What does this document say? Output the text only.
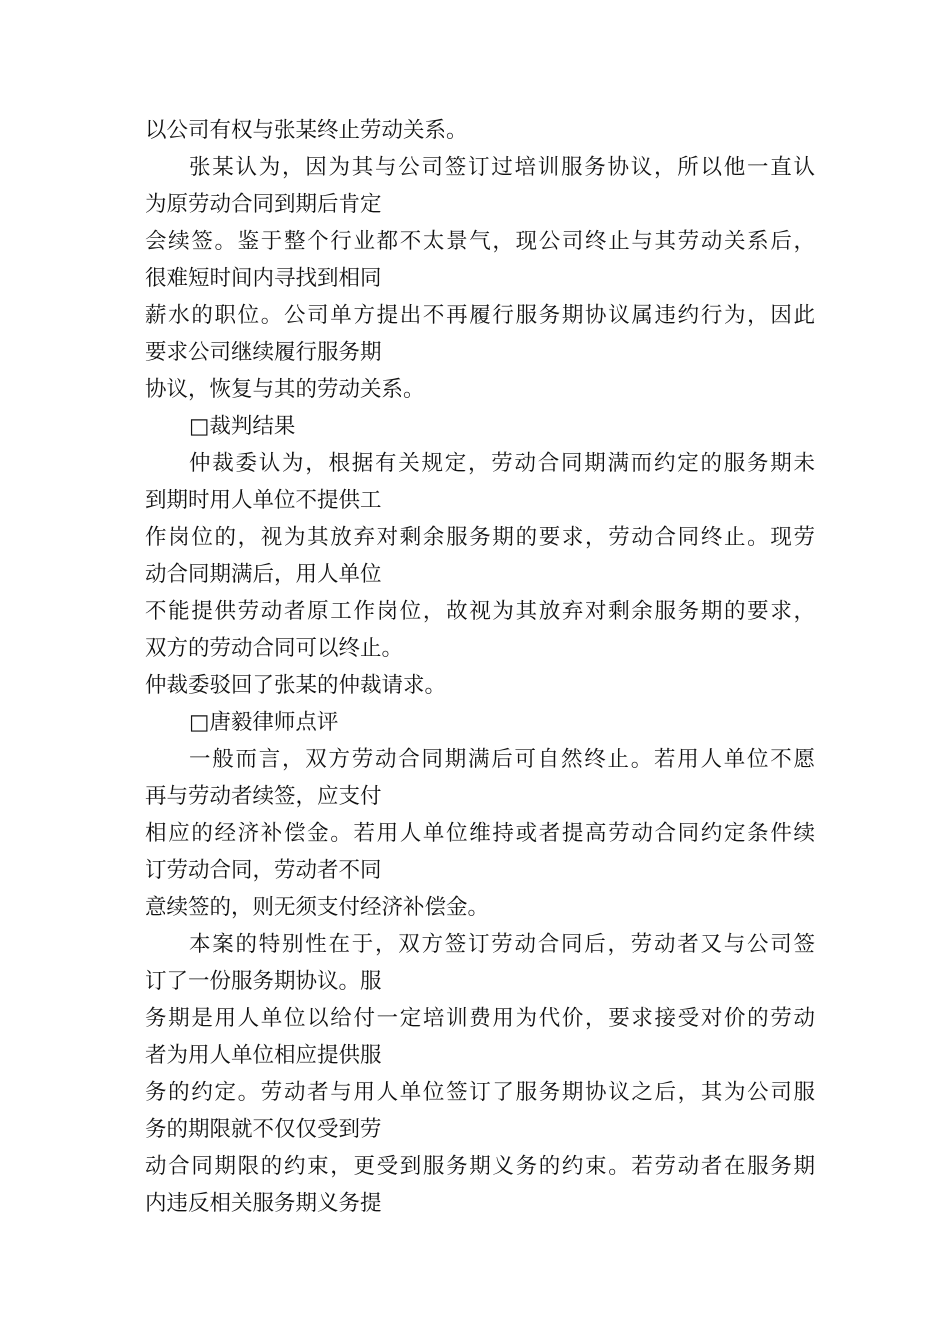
以公司有权与张某终止劳动关系。
张某认为，因为其与公司签订过培训服务协议，所以他一直认
为原劳动合同到期后肯定
会续签。鉴于整个行业都不太景气，现公司终止与其劳动关系后，
很难短时间内寻找到相同
薪水的职位。公司单方提出不再履行服务期协议属违约行为，因此
要求公司继续履行服务期
协议，恢复与其的劳动关系。
□裁判结果
仲裁委认为，根据有关规定，劳动合同期满而约定的服务期未
到期时用人单位不提供工
作岗位的，视为其放弃对剩余服务期的要求，劳动合同终止。现劳
动合同期满后，用人单位
不能提供劳动者原工作岗位，故视为其放弃对剩余服务期的要求，
双方的劳动合同可以终止。
仲裁委驳回了张某的仲裁请求。
□唐毅律师点评
一般而言，双方劳动合同期满后可自然终止。若用人单位不愿
再与劳动者续签，应支付
相应的经济补偿金。若用人单位维持或者提高劳动合同约定条件续
订劳动合同，劳动者不同
意续签的，则无须支付经济补偿金。
本案的特别性在于，双方签订劳动合同后，劳动者又与公司签
订了一份服务期协议。服
务期是用人单位以给付一定培训费用为代价，要求接受对价的劳动
者为用人单位相应提供服
务的约定。劳动者与用人单位签订了服务期协议之后，其为公司服
务的期限就不仅仅受到劳
动合同期限的约束，更受到服务期义务的约束。若劳动者在服务期
内违反相关服务期义务提
